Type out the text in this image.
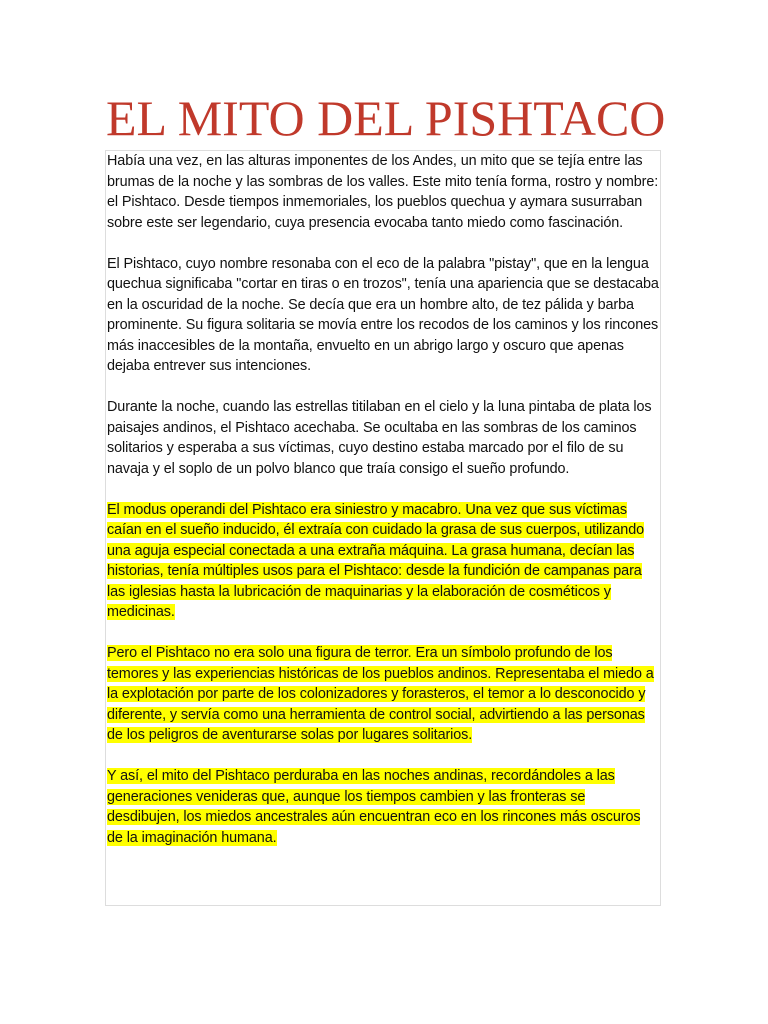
EL MITO DEL PISHTACO

Había una vez, en las alturas imponentes de los Andes, un mito que se tejía entre las brumas de la noche y las sombras de los valles. Este mito tenía forma, rostro y nombre: el Pishtaco. Desde tiempos inmemoriales, los pueblos quechua y aymara susurraban sobre este ser legendario, cuya presencia evocaba tanto miedo como fascinación.

El Pishtaco, cuyo nombre resonaba con el eco de la palabra "pistay", que en la lengua quechua significaba "cortar en tiras o en trozos", tenía una apariencia que se destacaba en la oscuridad de la noche. Se decía que era un hombre alto, de tez pálida y barba prominente. Su figura solitaria se movía entre los recodos de los caminos y los rincones más inaccesibles de la montaña, envuelto en un abrigo largo y oscuro que apenas dejaba entrever sus intenciones.

Durante la noche, cuando las estrellas titilaban en el cielo y la luna pintaba de plata los paisajes andinos, el Pishtaco acechaba. Se ocultaba en las sombras de los caminos solitarios y esperaba a sus víctimas, cuyo destino estaba marcado por el filo de su navaja y el soplo de un polvo blanco que traía consigo el sueño profundo.

El modus operandi del Pishtaco era siniestro y macabro. Una vez que sus víctimas caían en el sueño inducido, él extraía con cuidado la grasa de sus cuerpos, utilizando una aguja especial conectada a una extraña máquina. La grasa humana, decían las historias, tenía múltiples usos para el Pishtaco: desde la fundición de campanas para las iglesias hasta la lubricación de maquinarias y la elaboración de cosméticos y medicinas.

Pero el Pishtaco no era solo una figura de terror. Era un símbolo profundo de los temores y las experiencias históricas de los pueblos andinos. Representaba el miedo a la explotación por parte de los colonizadores y forasteros, el temor a lo desconocido y diferente, y servía como una herramienta de control social, advirtiendo a las personas de los peligros de aventurarse solas por lugares solitarios.

Y así, el mito del Pishtaco perduraba en las noches andinas, recordándoles a las generaciones venideras que, aunque los tiempos cambien y las fronteras se desdibujen, los miedos ancestrales aún encuentran eco en los rincones más oscuros de la imaginación humana.
